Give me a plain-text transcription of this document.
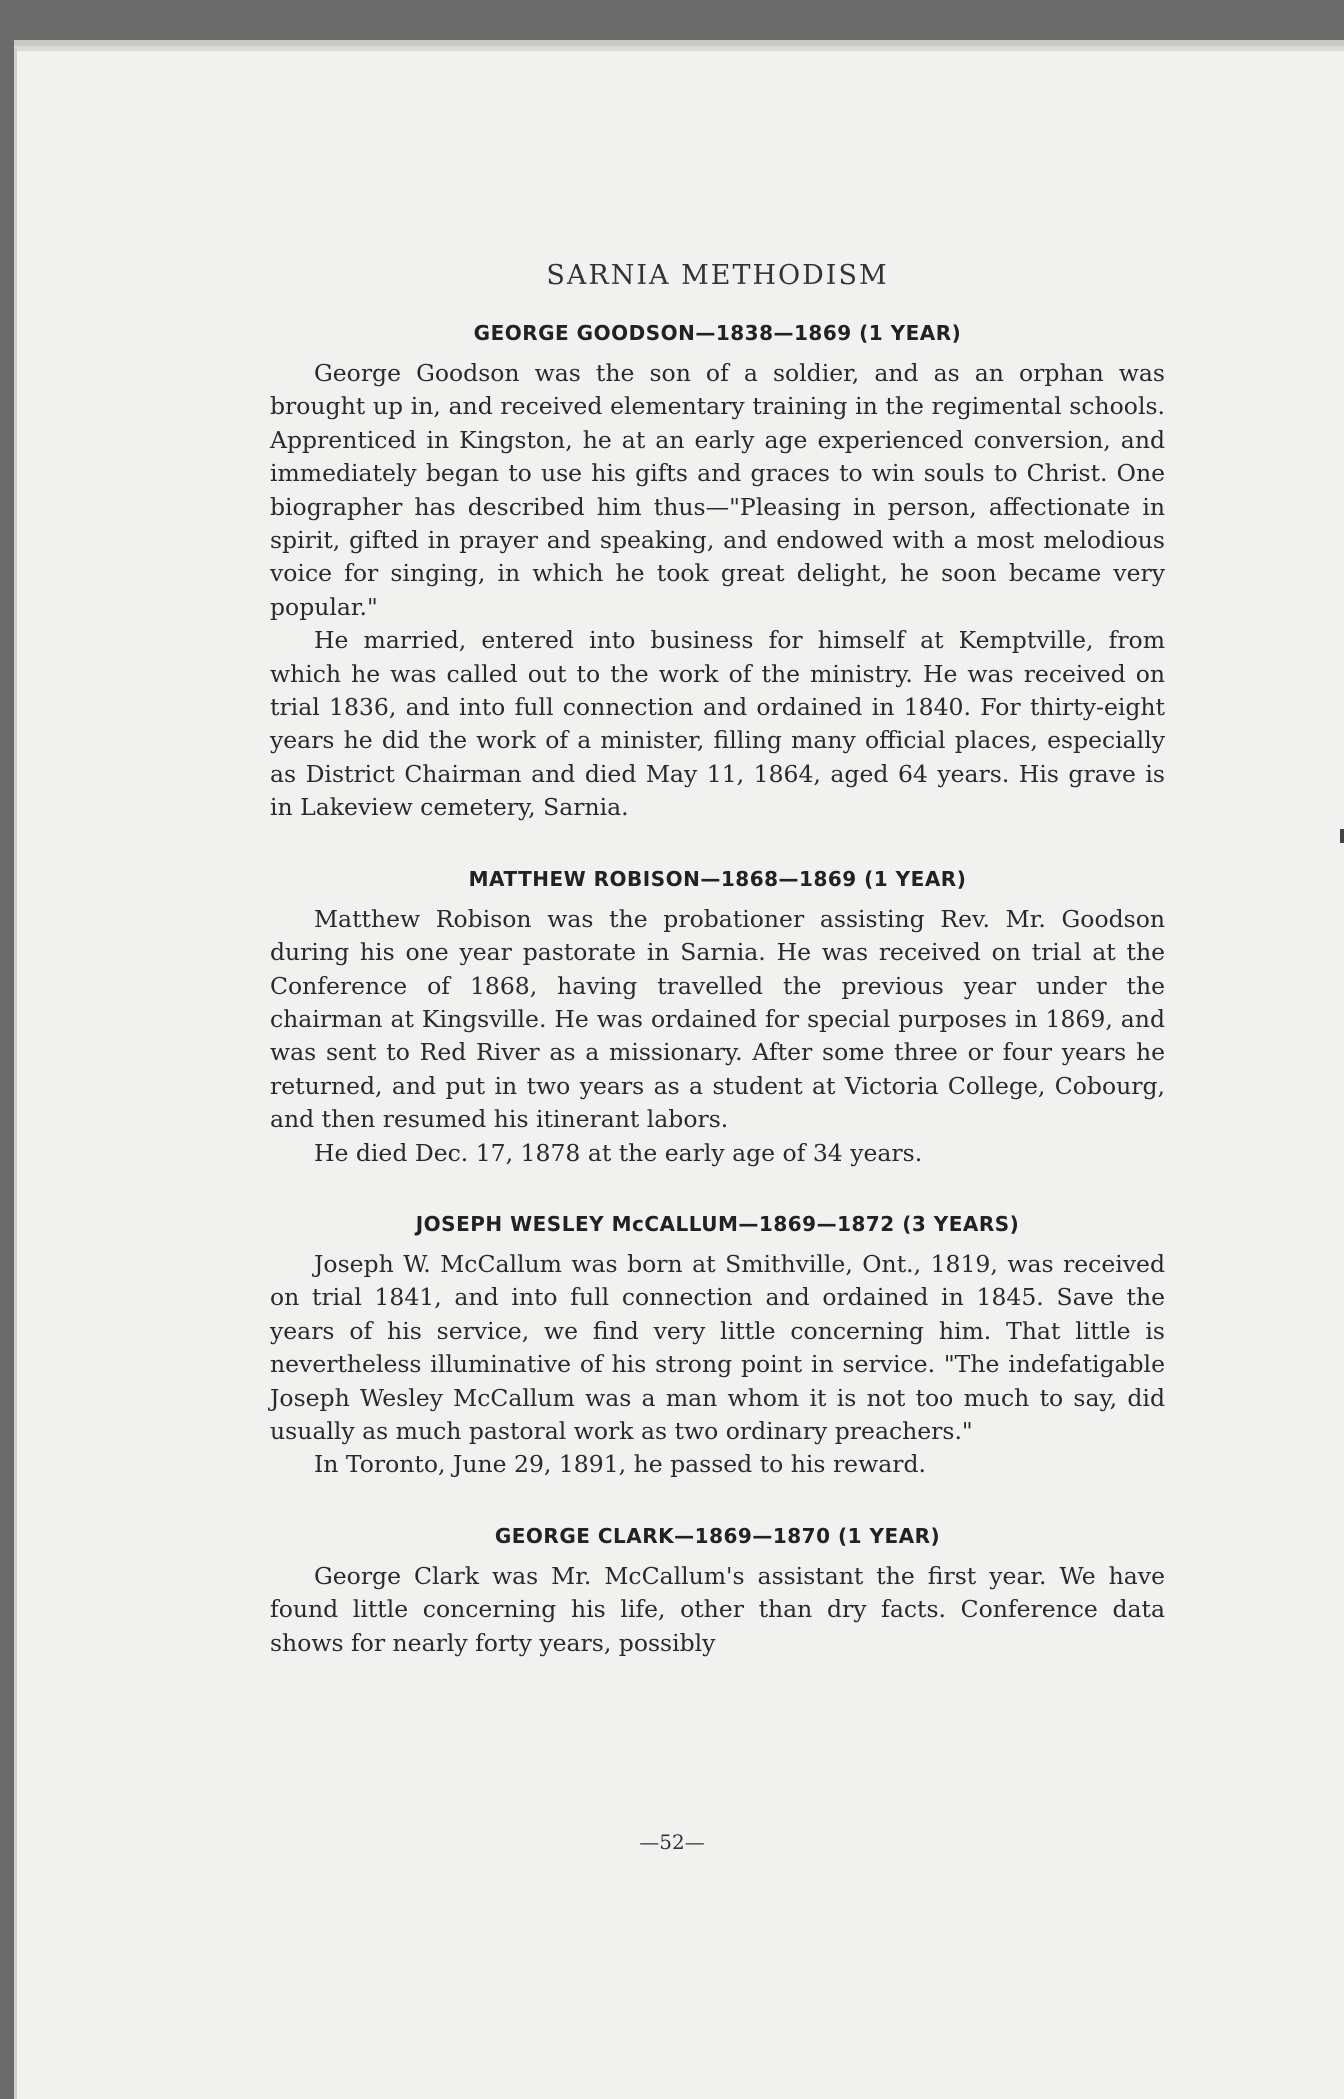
SARNIA METHODISM
GEORGE GOODSON—1838—1869 (1 YEAR)

George Goodson was the son of a soldier, and as an orphan was brought up in, and received elementary training in the regimental schools. Apprenticed in Kingston, he at an early age experienced conversion, and immediately began to use his gifts and graces to win souls to Christ. One biographer has described him thus—"Pleasing in person, affectionate in spirit, gifted in prayer and speaking, and endowed with a most melodious voice for singing, in which he took great delight, he soon became very popular."

He married, entered into business for himself at Kemptville, from which he was called out to the work of the ministry. He was received on trial 1836, and into full connection and ordained in 1840. For thirty-eight years he did the work of a minister, filling many official places, especially as District Chairman and died May 11, 1864, aged 64 years. His grave is in Lakeview cemetery, Sarnia.

MATTHEW ROBISON—1868—1869 (1 YEAR)

Matthew Robison was the probationer assisting Rev. Mr. Goodson during his one year pastorate in Sarnia. He was received on trial at the Conference of 1868, having travelled the previous year under the chairman at Kingsville. He was ordained for special purposes in 1869, and was sent to Red River as a missionary. After some three or four years he returned, and put in two years as a student at Victoria College, Cobourg, and then resumed his itinerant labors.

He died Dec. 17, 1878 at the early age of 34 years.

JOSEPH WESLEY McCALLUM—1869—1872 (3 YEARS)

Joseph W. McCallum was born at Smithville, Ont., 1819, was received on trial 1841, and into full connection and ordained in 1845. Save the years of his service, we find very little concerning him. That little is nevertheless illuminative of his strong point in service. "The indefatigable Joseph Wesley McCallum was a man whom it is not too much to say, did usually as much pastoral work as two ordinary preachers."

In Toronto, June 29, 1891, he passed to his reward.

GEORGE CLARK—1869—1870 (1 YEAR)

George Clark was Mr. McCallum's assistant the first year. We have found little concerning his life, other than dry facts. Conference data shows for nearly forty years, possibly

—52—
